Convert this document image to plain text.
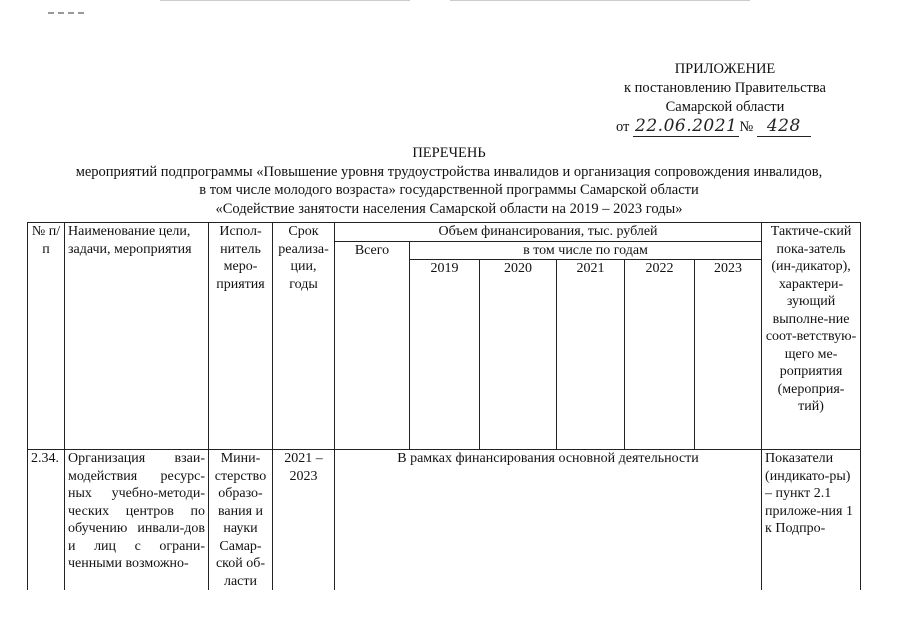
ПРИЛОЖЕНИЕ
к постановлению Правительства
Самарской области
от 22.06.2021 № 428
ПЕРЕЧЕНЬ
мероприятий подпрограммы «Повышение уровня трудоустройства инвалидов и организация сопровождения инвалидов,
в том числе молодого возраста» государственной программы Самарской области
«Содействие занятости населения Самарской области на 2019 – 2023 годы»
№ п/п	Наименование цели, задачи, мероприятия	Испол-нитель меро-приятия	Срок реализа-ции, годы	Объем финансирования, тыс. рублей						Тактиче-ский пока-затель (ин-дикатор), характери-зующий выполне-ние соот-ветствую-щего ме-роприятия (мероприя-тий)
				Всего	в том числе по годам					
					2019	2020	2021	2022	2023	
2.34.	Организация взаи-модействия ресурс-ных учебно-методи-ческих центров по обучению инвали-дов и лиц с ограни-ченными возможно-	Мини-стерство образо-вания и науки Самар-ской об-ласти	2021 – 2023	В рамках финансирования основной деятельности						Показатели (индикато-ры) – пункт 2.1 приложе-ния 1 к Подпро-
